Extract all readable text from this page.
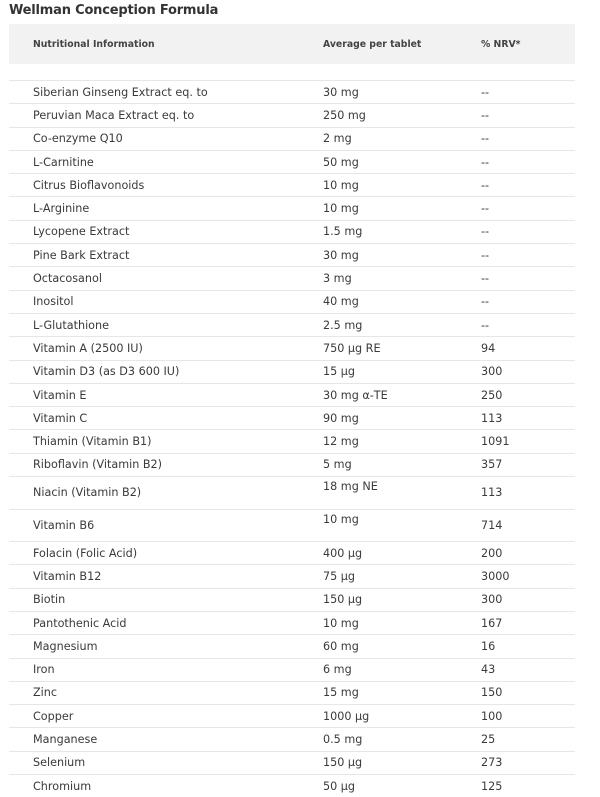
Wellman Conception Formula
Nutritional Information	Average per tablet	% NRV*

Siberian Ginseng Extract eq. to	30 mg	--
Peruvian Maca Extract eq. to	250 mg	--
Co-enzyme Q10	2 mg	--
L-Carnitine	50 mg	--
Citrus Bioflavonoids	10 mg	--
L-Arginine	10 mg	--
Lycopene Extract	1.5 mg	--
Pine Bark Extract	30 mg	--
Octacosanol	3 mg	--
Inositol	40 mg	--
L-Glutathione	2.5 mg	--
Vitamin A (2500 IU)	750 µg RE	94
Vitamin D3 (as D3 600 IU)	15 µg	300
Vitamin E	30 mg α-TE	250
Vitamin C	90 mg	113
Thiamin (Vitamin B1)	12 mg	1091
Riboflavin (Vitamin B2)	5 mg	357
Niacin (Vitamin B2)	18 mg NE	113
Vitamin B6	10 mg	714
Folacin (Folic Acid)	400 µg	200
Vitamin B12	75 µg	3000
Biotin	150 µg	300
Pantothenic Acid	10 mg	167
Magnesium	60 mg	16
Iron	6 mg	43
Zinc	15 mg	150
Copper	1000 µg	100
Manganese	0.5 mg	25
Selenium	150 µg	273
Chromium	50 µg	125
